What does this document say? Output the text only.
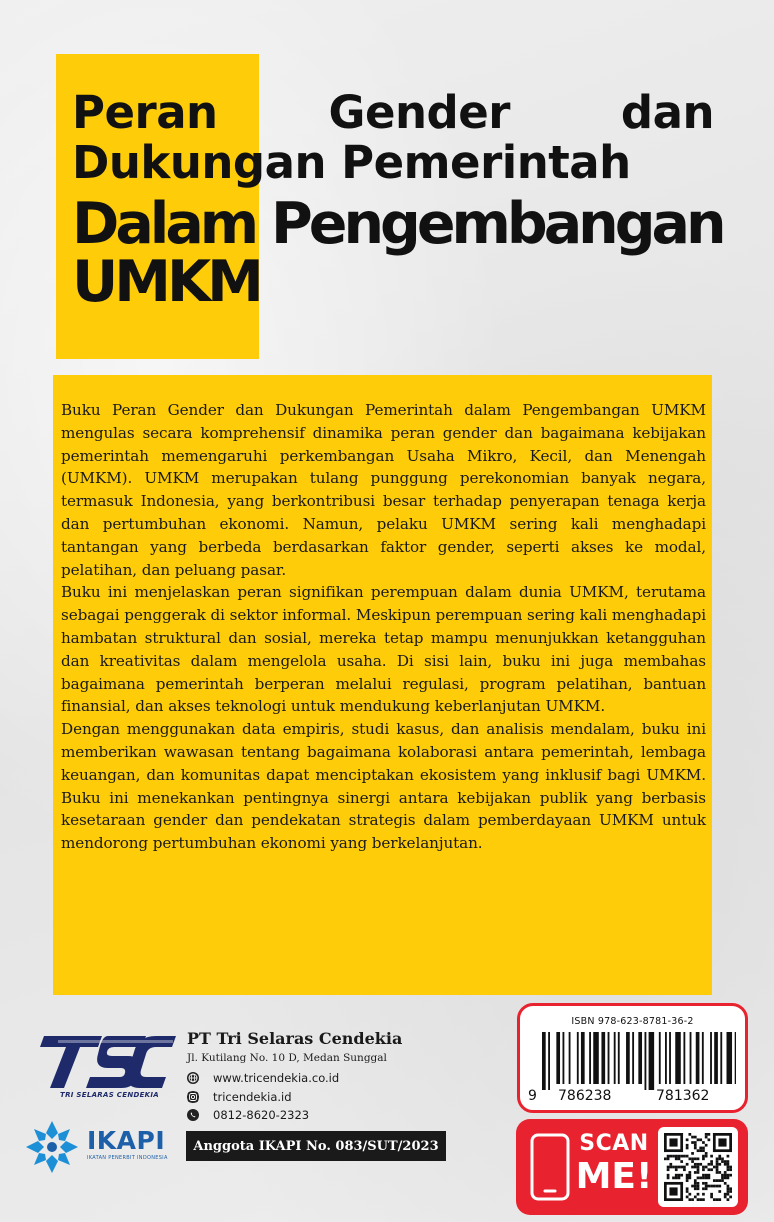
Peran Gender dan
Dukungan Pemerintah
Dalam Pengembangan
UMKM

Buku Peran Gender dan Dukungan Pemerintah dalam Pengembangan UMKM mengulas secara komprehensif dinamika peran gender dan bagaimana kebijakan pemerintah memengaruhi perkembangan Usaha Mikro, Kecil, dan Menengah (UMKM). UMKM merupakan tulang punggung perekonomian banyak negara, termasuk Indonesia, yang berkontribusi besar terhadap penyerapan tenaga kerja dan pertumbuhan ekonomi. Namun, pelaku UMKM sering kali menghadapi tantangan yang berbeda berdasarkan faktor gender, seperti akses ke modal, pelatihan, dan peluang pasar.

Buku ini menjelaskan peran signifikan perempuan dalam dunia UMKM, terutama sebagai penggerak di sektor informal. Meskipun perempuan sering kali menghadapi hambatan struktural dan sosial, mereka tetap mampu menunjukkan ketangguhan dan kreativitas dalam mengelola usaha. Di sisi lain, buku ini juga membahas bagaimana pemerintah berperan melalui regulasi, program pelatihan, bantuan finansial, dan akses teknologi untuk mendukung keberlanjutan UMKM.

Dengan menggunakan data empiris, studi kasus, dan analisis mendalam, buku ini memberikan wawasan tentang bagaimana kolaborasi antara pemerintah, lembaga keuangan, dan komunitas dapat menciptakan ekosistem yang inklusif bagi UMKM. Buku ini menekankan pentingnya sinergi antara kebijakan publik yang berbasis kesetaraan gender dan pendekatan strategis dalam pemberdayaan UMKM untuk mendorong pertumbuhan ekonomi yang berkelanjutan.

TRI SELARAS CENDEKIA
PT Tri Selaras Cendekia
Jl. Kutilang No. 10 D, Medan Sunggal
www.tricendekia.co.id
tricendekia.id
0812-8620-2323
IKAPI
IKATAN PENERBIT INDONESIA
Anggota IKAPI No. 083/SUT/2023
ISBN 978-623-8781-36-2
9 786238	781362
SCAN
ME!
